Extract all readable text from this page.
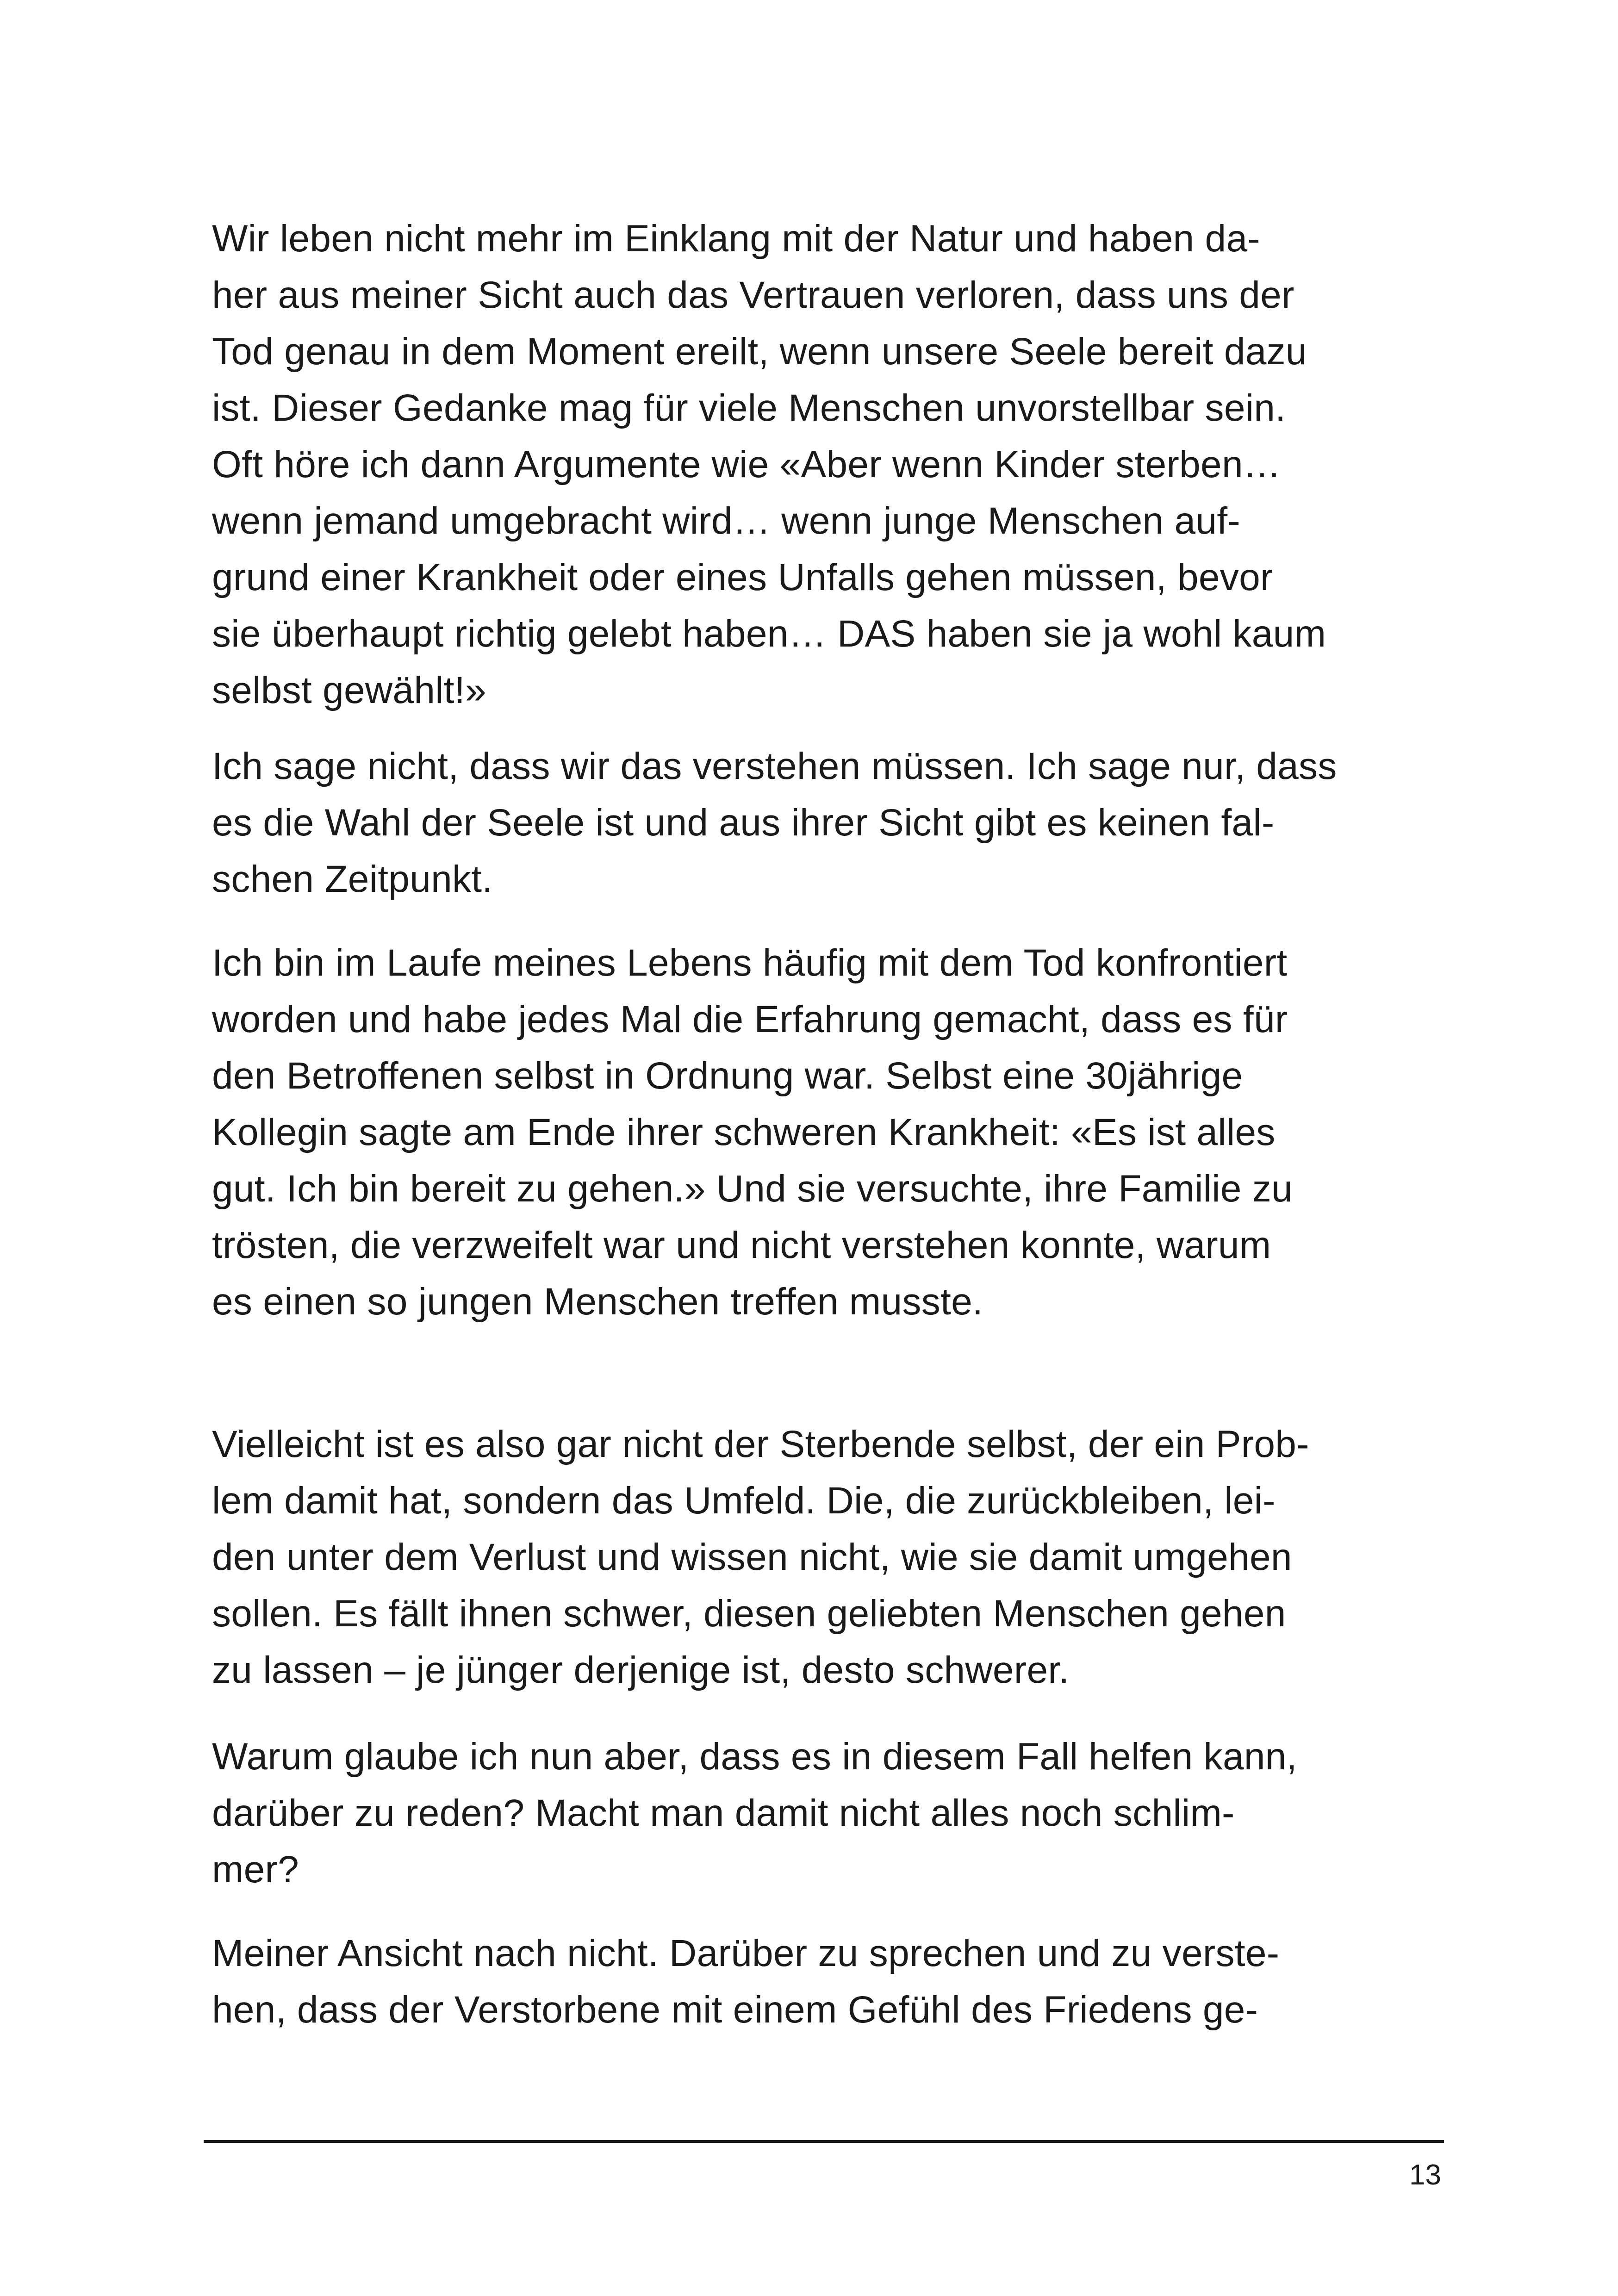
Wir leben nicht mehr im Einklang mit der Natur und haben da-
her aus meiner Sicht auch das Vertrauen verloren, dass uns der
Tod genau in dem Moment ereilt, wenn unsere Seele bereit dazu
ist. Dieser Gedanke mag für viele Menschen unvorstellbar sein.
Oft höre ich dann Argumente wie «Aber wenn Kinder sterben…
wenn jemand umgebracht wird… wenn junge Menschen auf-
grund einer Krankheit oder eines Unfalls gehen müssen, bevor
sie überhaupt richtig gelebt haben… DAS haben sie ja wohl kaum
selbst gewählt!»
Ich sage nicht, dass wir das verstehen müssen. Ich sage nur, dass
es die Wahl der Seele ist und aus ihrer Sicht gibt es keinen fal-
schen Zeitpunkt.
Ich bin im Laufe meines Lebens häufig mit dem Tod konfrontiert
worden und habe jedes Mal die Erfahrung gemacht, dass es für
den Betroffenen selbst in Ordnung war. Selbst eine 30jährige
Kollegin sagte am Ende ihrer schweren Krankheit: «Es ist alles
gut. Ich bin bereit zu gehen.» Und sie versuchte, ihre Familie zu
trösten, die verzweifelt war und nicht verstehen konnte, warum
es einen so jungen Menschen treffen musste.
Vielleicht ist es also gar nicht der Sterbende selbst, der ein Prob-
lem damit hat, sondern das Umfeld. Die, die zurückbleiben, lei-
den unter dem Verlust und wissen nicht, wie sie damit umgehen
sollen. Es fällt ihnen schwer, diesen geliebten Menschen gehen
zu lassen – je jünger derjenige ist, desto schwerer.
Warum glaube ich nun aber, dass es in diesem Fall helfen kann,
darüber zu reden? Macht man damit nicht alles noch schlim-
mer?
Meiner Ansicht nach nicht. Darüber zu sprechen und zu verste-
hen, dass der Verstorbene mit einem Gefühl des Friedens ge-
13
